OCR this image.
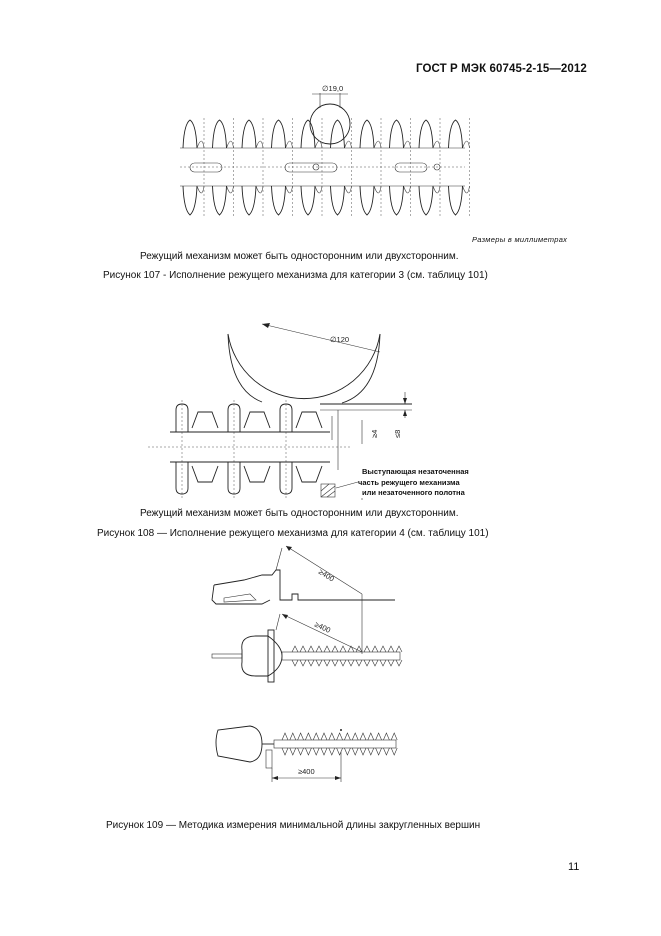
ГОСТ Р МЭК 60745-2-15—2012
∅19,0
Размеры в миллиметрах
Режущий механизм может быть односторонним или двухсторонним.
Рисунок 107 - Исполнение режущего механизма для категории 3 (см. таблицу 101)
∅120
≥4 ≤8
Выступающая незаточенная
часть режущего механизма
или незаточенного полотна
Режущий механизм может быть односторонним или двухсторонним.
Рисунок 108 — Исполнение режущего механизма для категории 4 (см. таблицу 101)
≥400
≥400
≥400
Рисунок 109 — Методика измерения минимальной длины закругленных вершин
11
